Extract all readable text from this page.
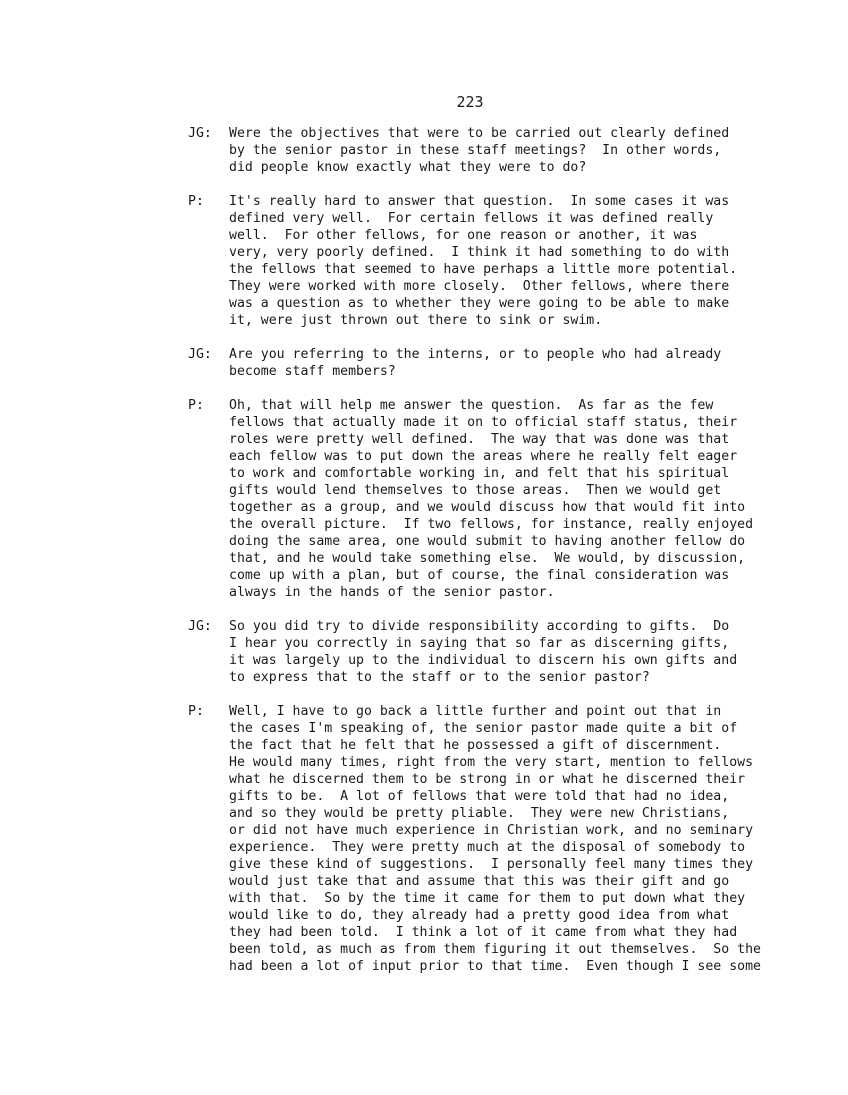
223
JG:	Were the objectives that were to be carried out clearly defined
by the senior pastor in these staff meetings?  In other words,
did people know exactly what they were to do?
P:	It's really hard to answer that question.  In some cases it was
defined very well.  For certain fellows it was defined really
well.  For other fellows, for one reason or another, it was
very, very poorly defined.  I think it had something to do with
the fellows that seemed to have perhaps a little more potential.
They were worked with more closely.  Other fellows, where there
was a question as to whether they were going to be able to make
it, were just thrown out there to sink or swim.
JG:	Are you referring to the interns, or to people who had already
become staff members?
P:	Oh, that will help me answer the question.  As far as the few
fellows that actually made it on to official staff status, their
roles were pretty well defined.  The way that was done was that
each fellow was to put down the areas where he really felt eager
to work and comfortable working in, and felt that his spiritual
gifts would lend themselves to those areas.  Then we would get
together as a group, and we would discuss how that would fit into
the overall picture.  If two fellows, for instance, really enjoyed
doing the same area, one would submit to having another fellow do
that, and he would take something else.  We would, by discussion,
come up with a plan, but of course, the final consideration was
always in the hands of the senior pastor.
JG:	So you did try to divide responsibility according to gifts.  Do
I hear you correctly in saying that so far as discerning gifts,
it was largely up to the individual to discern his own gifts and
to express that to the staff or to the senior pastor?
P:	Well, I have to go back a little further and point out that in
the cases I'm speaking of, the senior pastor made quite a bit of
the fact that he felt that he possessed a gift of discernment.
He would many times, right from the very start, mention to fellows
what he discerned them to be strong in or what he discerned their
gifts to be.  A lot of fellows that were told that had no idea,
and so they would be pretty pliable.  They were new Christians,
or did not have much experience in Christian work, and no seminary
experience.  They were pretty much at the disposal of somebody to
give these kind of suggestions.  I personally feel many times they
would just take that and assume that this was their gift and go
with that.  So by the time it came for them to put down what they
would like to do, they already had a pretty good idea from what
they had been told.  I think a lot of it came from what they had
been told, as much as from them figuring it out themselves.  So the
had been a lot of input prior to that time.  Even though I see some
